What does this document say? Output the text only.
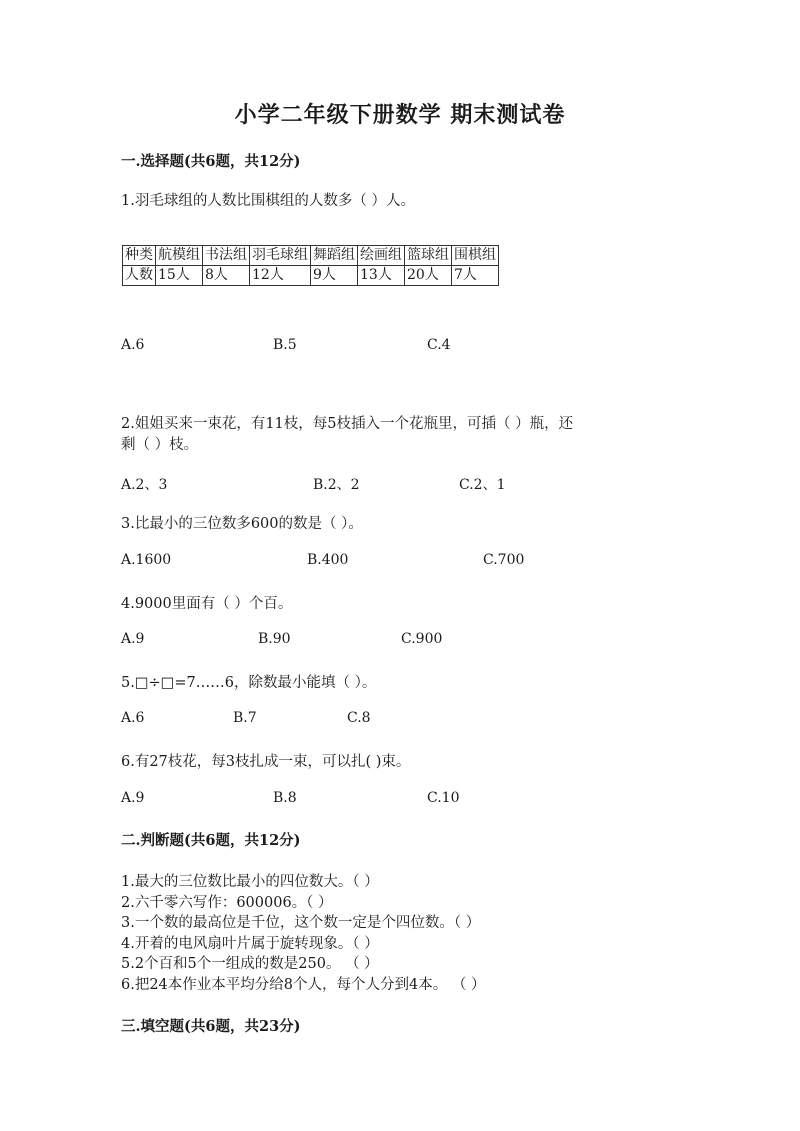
小学二年级下册数学 期末测试卷
一.选择题(共6题，共12分)
1.羽毛球组的人数比围棋组的人数多（ ）人。
种类	航模组	书法组	羽毛球组	舞蹈组	绘画组	篮球组	围棋组
人数	15人	8人	12人	9人	13人	20人	7人
A.6	B.5	C.4
2.姐姐买来一束花，有11枝，每5枝插入一个花瓶里，可插（ ）瓶，还
剩（ ）枝。
A.2、3	B.2、2	C.2、1
3.比最小的三位数多600的数是（ ）。
A.1600	B.400	C.700
4.9000里面有（ ）个百。
A.9	B.90	C.900
5.□÷□=7……6，除数最小能填（ ）。
A.6	B.7	C.8
6.有27枝花，每3枝扎成一束，可以扎( )束。
A.9	B.8	C.10
二.判断题(共6题，共12分)
1.最大的三位数比最小的四位数大。（ ）
2.六千零六写作：600006。（ ）
3.一个数的最高位是千位，这个数一定是个四位数。（ ）
4.开着的电风扇叶片属于旋转现象。（ ）
5.2个百和5个一组成的数是250。 （ ）
6.把24本作业本平均分给8个人，每个人分到4本。 （ ）
三.填空题(共6题，共23分)
